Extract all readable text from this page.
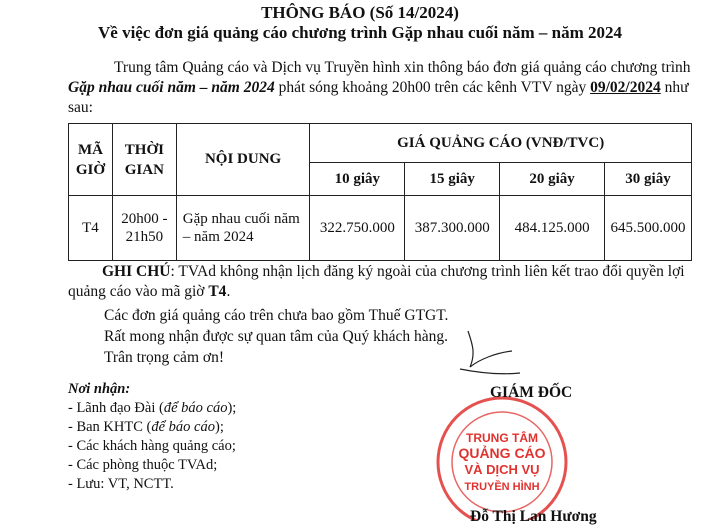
THÔNG BÁO (Số 14/2024)
Về việc đơn giá quảng cáo chương trình Gặp nhau cuối năm – năm 2024
Trung tâm Quảng cáo và Dịch vụ Truyền hình xin thông báo đơn giá quảng cáo chương trình Gặp nhau cuối năm – năm 2024 phát sóng khoảng 20h00 trên các kênh VTV ngày 09/02/2024 như sau:
MÃ GIỜ	THỜI GIAN	NỘI DUNG	GIÁ QUẢNG CÁO (VNĐ/TVC)			
			10 giây	15 giây	20 giây	30 giây
T4	20h00 - 21h50	Gặp nhau cuối năm – năm 2024	322.750.000	387.300.000	484.125.000	645.500.000
GHI CHÚ: TVAd không nhận lịch đăng ký ngoài của chương trình liên kết trao đổi quyền lợi quảng cáo vào mã giờ T4.
Các đơn giá quảng cáo trên chưa bao gồm Thuế GTGT.
Rất mong nhận được sự quan tâm của Quý khách hàng.
Trân trọng cảm ơn!
Nơi nhận:
- Lãnh đạo Đài (để báo cáo);
- Ban KHTC (để báo cáo);
- Các khách hàng quảng cáo;
- Các phòng thuộc TVAd;
- Lưu: VT, NCTT.
TRUNG TÂM
QUẢNG CÁO
VÀ DỊCH VỤ
TRUYỀN HÌNH
GIÁM ĐỐC
Đỗ Thị Lan Hương
